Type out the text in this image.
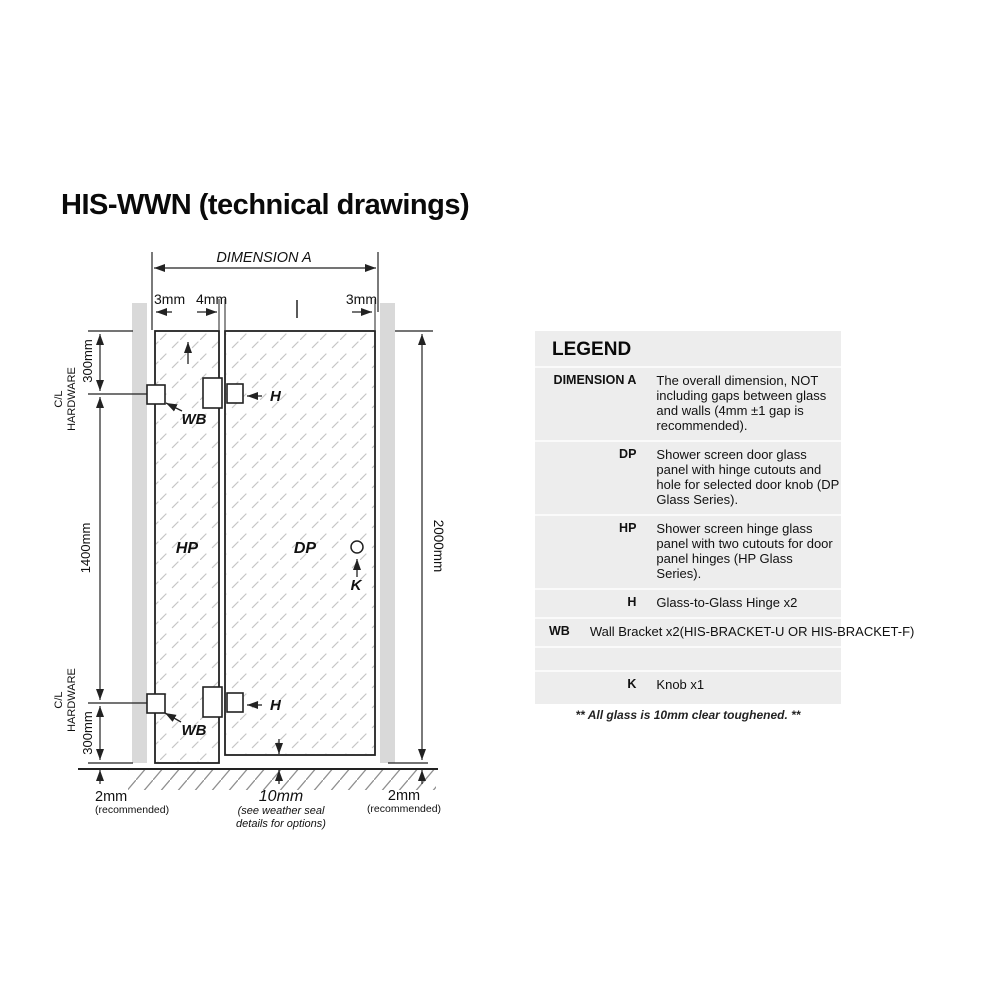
HIS-WWN (technical drawings)
DIMENSION A
3mm 4mm	3mm
300mm
C/L HARDWARE
1400mm
C/L HARDWARE
300mm
2000mm
HP	DP
K
H
H
WB
WB
2mm
(recommended)
10mm
(see weather seal
details for options)
2mm
(recommended)
LEGEND
DIMENSION A The overall dimension, NOT including gaps between glass and walls (4mm ±1 gap is recommended).
DP Shower screen door glass panel with hinge cutouts and hole for selected door knob (DP Glass Series).
HP Shower screen hinge glass panel with two cutouts for door panel hinges (HP Glass Series).
H Glass-to-Glass Hinge x2
WB Wall Bracket x2(HIS-BRACKET-U OR HIS-BRACKET-F)
K Knob x1
** All glass is 10mm clear toughened. **
